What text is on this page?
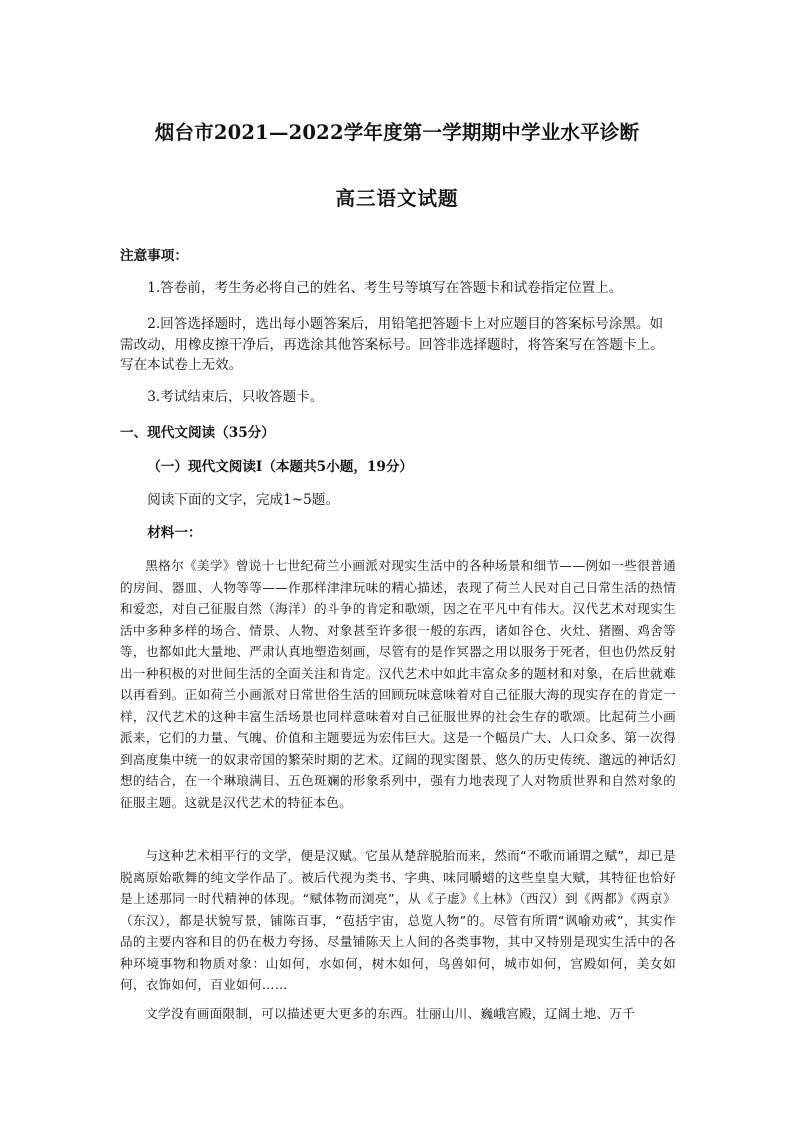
烟台市2021—2022学年度第一学期期中学业水平诊断
高三语文试题
注意事项：
1.答卷前，考生务必将自己的姓名、考生号等填写在答题卡和试卷指定位置上。
2.回答选择题时，选出每小题答案后，用铅笔把答题卡上对应题目的答案标号涂黑。如需改动，用橡皮擦干净后，再选涂其他答案标号。回答非选择题时，将答案写在答题卡上。写在本试卷上无效。
3.考试结束后，只收答题卡。
一、现代文阅读（35分）
（一）现代文阅读Ⅰ（本题共5小题，19分）
阅读下面的文字，完成1~5题。
材料一：
黑格尔《美学》曾说十七世纪荷兰小画派对现实生活中的各种场景和细节——例如一些很普通的房间、器皿、人物等等——作那样津津玩味的精心描述，表现了荷兰人民对自己日常生活的热情和爱恋，对自己征服自然（海洋）的斗争的肯定和歌颂，因之在平凡中有伟大。汉代艺术对现实生活中多种多样的场合、情景、人物、对象甚至许多很一般的东西，诸如谷仓、火灶、猪圈、鸡舍等等，也都如此大量地、严肃认真地塑造刻画，尽管有的是作冥器之用以服务于死者，但也仍然反射出一种积极的对世间生活的全面关注和肯定。汉代艺术中如此丰富众多的题材和对象，在后世就难以再看到。正如荷兰小画派对日常世俗生活的回顾玩味意味着对自己征服大海的现实存在的肯定一样，汉代艺术的这种丰富生活场景也同样意味着对自己征服世界的社会生存的歌颂。比起荷兰小画派来，它们的力量、气魄、价值和主题要远为宏伟巨大。这是一个幅员广大、人口众多、第一次得到高度集中统一的奴隶帝国的繁荣时期的艺术。辽阔的现实图景、悠久的历史传统、邈远的神话幻想的结合，在一个琳琅满目、五色斑斓的形象系列中，强有力地表现了人对物质世界和自然对象的征服主题。这就是汉代艺术的特征本色。
与这种艺术相平行的文学，便是汉赋。它虽从楚辞脱胎而来，然而“不歌而诵谓之赋”，却已是脱离原始歌舞的纯文学作品了。被后代视为类书、字典、味同嚼蜡的这些皇皇大赋，其特征也恰好是上述那同一时代精神的体现。“赋体物而浏亮”，从《子虚》《上林》（西汉）到《两都》《两京》（东汉），都是状貌写景，铺陈百事，“苞括宇宙，总览人物”的。尽管有所谓“讽喻劝戒”，其实作品的主要内容和目的仍在极力夸扬、尽量铺陈天上人间的各类事物，其中又特别是现实生活中的各种环境事物和物质对象：山如何，水如何，树木如何，鸟兽如何，城市如何，宫殿如何，美女如何，衣饰如何，百业如何……
文学没有画面限制，可以描述更大更多的东西。壮丽山川、巍峨宫殿，辽阔土地、万千
